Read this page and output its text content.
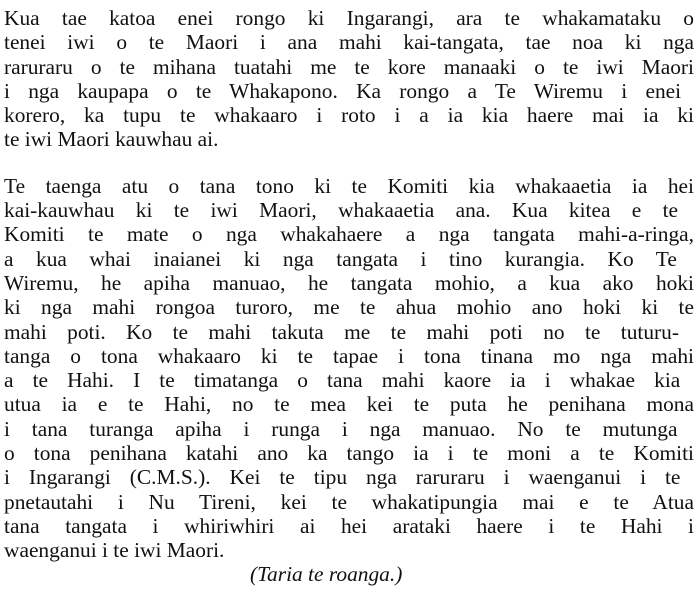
Kua tae katoa enei rongo ki Ingarangi, ara te whakamataku o
tenei iwi o te Maori i ana mahi kai-tangata, tae noa ki nga
raruraru o te mihana tuatahi me te kore manaaki o te iwi Maori
i nga kaupapa o te Whakapono. Ka rongo a Te Wiremu i enei
korero, ka tupu te whakaaro i roto i a ia kia haere mai ia ki
te iwi Maori kauwhau ai.
Te taenga atu o tana tono ki te Komiti kia whakaaetia ia hei
kai-kauwhau ki te iwi Maori, whakaaetia ana. Kua kitea e te
Komiti te mate o nga whakahaere a nga tangata mahi-a-ringa,
a kua whai inaianei ki nga tangata i tino kurangia. Ko Te
Wiremu, he apiha manuao, he tangata mohio, a kua ako hoki
ki nga mahi rongoa turoro, me te ahua mohio ano hoki ki te
mahi poti. Ko te mahi takuta me te mahi poti no te tuturu-
tanga o tona whakaaro ki te tapae i tona tinana mo nga mahi
a te Hahi. I te timatanga o tana mahi kaore ia i whakae kia
utua ia e te Hahi, no te mea kei te puta he penihana mona
i tana turanga apiha i runga i nga manuao. No te mutunga
o tona penihana katahi ano ka tango ia i te moni a te Komiti
i Ingarangi (C.M.S.). Kei te tipu nga raruraru i waenganui i te
pnetautahi i Nu Tireni, kei te whakatipungia mai e te Atua
tana tangata i whiriwhiri ai hei arataki haere i te Hahi i
waenganui i te iwi Maori.
(Taria te roanga.)
